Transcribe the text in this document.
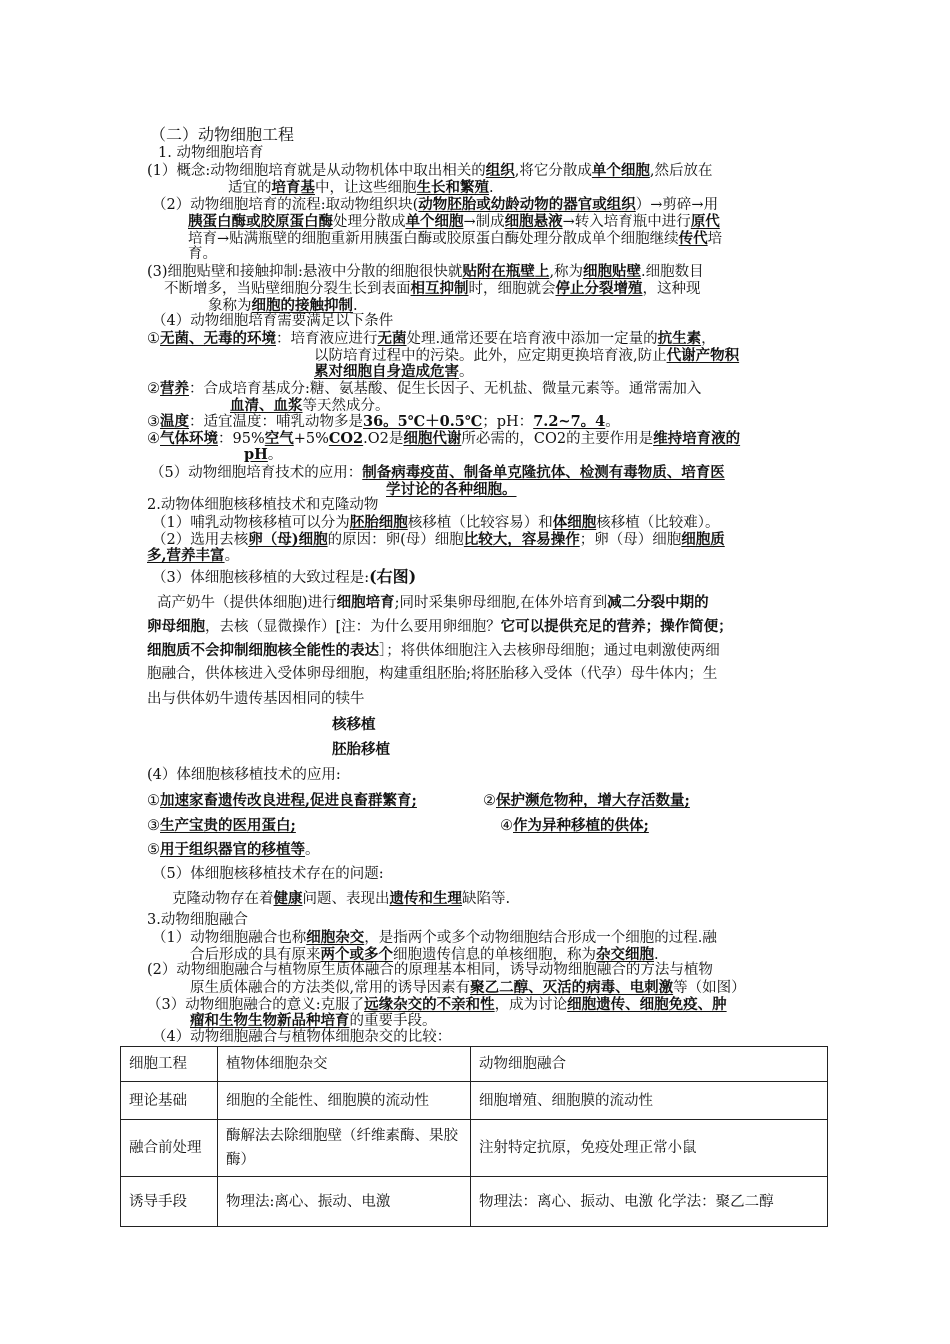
（二）动物细胞工程
1. 动物细胞培育
(1）概念:动物细胞培育就是从动物机体中取出相关的组织,将它分散成单个细胞,然后放在
适宜的培育基中，让这些细胞生长和繁殖.
（2）动物细胞培育的流程:取动物组织块(动物胚胎或幼龄动物的器官或组织）→剪碎→用
胰蛋白酶或胶原蛋白酶处理分散成单个细胞→制成细胞悬液→转入培育瓶中进行原代
培育→贴满瓶壁的细胞重新用胰蛋白酶或胶原蛋白酶处理分散成单个细胞继续传代培
育。
(3)细胞贴壁和接触抑制:悬液中分散的细胞很快就贴附在瓶壁上,称为细胞贴壁.细胞数目
不断增多，当贴壁细胞分裂生长到表面相互抑制时，细胞就会停止分裂增殖，这种现
象称为细胞的接触抑制.
（4）动物细胞培育需要满足以下条件
①无菌、无毒的环境：培育液应进行无菌处理.通常还要在培育液中添加一定量的抗生素，
以防培育过程中的污染。此外，应定期更换培育液,防止代谢产物积
累对细胞自身造成危害。
②营养：合成培育基成分:糖、氨基酸、促生长因子、无机盐、微量元素等。通常需加入
血清、血浆等天然成分。
③温度：适宜温度：哺乳动物多是36。5℃＋0.5℃；pH：7.2~7。4。
④气体环境：95%空气+5%CO2.O2是细胞代谢所必需的，CO2的主要作用是维持培育液的
pH。
（5）动物细胞培育技术的应用：制备病毒疫苗、制备单克隆抗体、检测有毒物质、培育医
学讨论的各种细胞。
2.动物体细胞核移植技术和克隆动物
（1）哺乳动物核移植可以分为胚胎细胞核移植（比较容易）和体细胞核移植（比较难）。
（2）选用去核卵（母)细胞的原因：卵(母）细胞比较大，容易操作；卵（母）细胞细胞质
多,营养丰富。
（3）体细胞核移植的大致过程是:(右图)
高产奶牛（提供体细胞)进行细胞培育;同时采集卵母细胞,在体外培育到减二分裂中期的
卵母细胞，去核（显微操作）[注：为什么要用卵细胞？它可以提供充足的营养；操作简便；
细胞质不会抑制细胞核全能性的表达］；将供体细胞注入去核卵母细胞；通过电刺激使两细
胞融合，供体核进入受体卵母细胞，构建重组胚胎;将胚胎移入受体（代孕）母牛体内；生
出与供体奶牛遗传基因相同的犊牛
核移植
胚胎移植
(4）体细胞核移植技术的应用:
①加速家畜遗传改良进程,促进良畜群繁育;	②保护濒危物种，增大存活数量;
③生产宝贵的医用蛋白;	④作为异种移植的供体;
⑤用于组织器官的移植等。
（5）体细胞核移植技术存在的问题:
克隆动物存在着健康问题、表现出遗传和生理缺陷等.
3.动物细胞融合
（1）动物细胞融合也称细胞杂交，是指两个或多个动物细胞结合形成一个细胞的过程.融
合后形成的具有原来两个或多个细胞遗传信息的单核细胞，称为杂交细胞.
(2）动物细胞融合与植物原生质体融合的原理基本相同，诱导动物细胞融合的方法与植物
原生质体融合的方法类似,常用的诱导因素有聚乙二醇、灭活的病毒、电刺激等（如图）
（3）动物细胞融合的意义:克服了远缘杂交的不亲和性，成为讨论细胞遗传、细胞免疫、肿
瘤和生物生物新品种培育的重要手段。
（4）动物细胞融合与植物体细胞杂交的比较：
细胞工程	植物体细胞杂交	动物细胞融合
理论基础	细胞的全能性、细胞膜的流动性	细胞增殖、细胞膜的流动性
融合前处理	酶解法去除细胞壁（纤维素酶、果胶酶）	注射特定抗原，免疫处理正常小鼠
诱导手段	物理法:离心、振动、电激	物理法：离心、振动、电激 化学法：聚乙二醇
